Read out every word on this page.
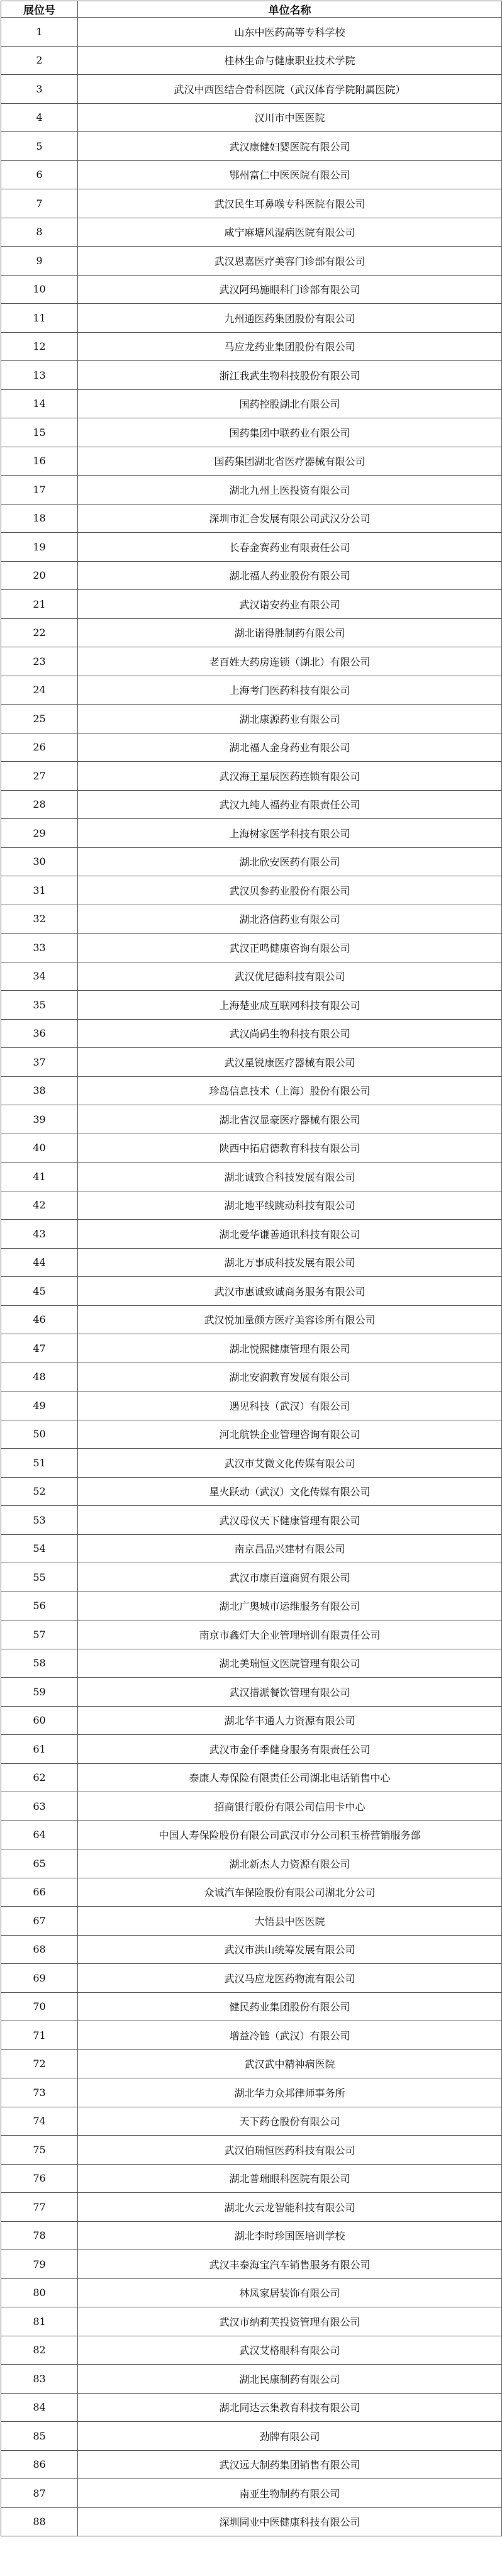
展位号	单位名称
1	山东中医药高等专科学校
2	桂林生命与健康职业技术学院
3	武汉中西医结合骨科医院（武汉体育学院附属医院）
4	汉川市中医医院
5	武汉康健妇婴医院有限公司
6	鄂州富仁中医医院有限公司
7	武汉民生耳鼻喉专科医院有限公司
8	咸宁麻塘风湿病医院有限公司
9	武汉恩嘉医疗美容门诊部有限公司
10	武汉阿玛施眼科门诊部有限公司
11	九州通医药集团股份有限公司
12	马应龙药业集团股份有限公司
13	浙江我武生物科技股份有限公司
14	国药控股湖北有限公司
15	国药集团中联药业有限公司
16	国药集团湖北省医疗器械有限公司
17	湖北九州上医投资有限公司
18	深圳市汇合发展有限公司武汉分公司
19	长春金赛药业有限责任公司
20	湖北福人药业股份有限公司
21	武汉诺安药业有限公司
22	湖北诺得胜制药有限公司
23	老百姓大药房连锁（湖北）有限公司
24	上海考门医药科技有限公司
25	湖北康源药业有限公司
26	湖北福人金身药业有限公司
27	武汉海王星辰医药连锁有限公司
28	武汉九纯人福药业有限责任公司
29	上海树家医学科技有限公司
30	湖北欣安医药有限公司
31	武汉贝参药业股份有限公司
32	湖北洛信药业有限公司
33	武汉正鸣健康咨询有限公司
34	武汉优尼德科技有限公司
35	上海楚业成互联网科技有限公司
36	武汉尚码生物科技有限公司
37	武汉星锐康医疗器械有限公司
38	珍岛信息技术（上海）股份有限公司
39	湖北省汉显豪医疗器械有限公司
40	陕西中拓启德教育科技有限公司
41	湖北诚致合科技发展有限公司
42	湖北地平线跳动科技有限公司
43	湖北爱华谦善通讯科技有限公司
44	湖北万事成科技发展有限公司
45	武汉市惠诚致诚商务服务有限公司
46	武汉悦加量颜方医疗美容诊所有限公司
47	湖北悦熙健康管理有限公司
48	湖北安润教育发展有限公司
49	遇见科技（武汉）有限公司
50	河北航铁企业管理咨询有限公司
51	武汉市艾微文化传媒有限公司
52	星火跃动（武汉）文化传媒有限公司
53	武汉母仪天下健康管理有限公司
54	南京昌晶兴建材有限公司
55	武汉市康百道商贸有限公司
56	湖北广奥城市运维服务有限公司
57	南京市鑫灯大企业管理培训有限责任公司
58	湖北美瑞恒文医院管理有限公司
59	武汉措派餐饮管理有限公司
60	湖北华丰通人力资源有限公司
61	武汉市金仟季健身服务有限责任公司
62	泰康人寿保险有限责任公司湖北电话销售中心
63	招商银行股份有限公司信用卡中心
64	中国人寿保险股份有限公司武汉市分公司积玉桥营销服务部
65	湖北新杰人力资源有限公司
66	众诚汽车保险股份有限公司湖北分公司
67	大悟县中医医院
68	武汉市洪山统筹发展有限公司
69	武汉马应龙医药物流有限公司
70	健民药业集团股份有限公司
71	增益冷链（武汉）有限公司
72	武汉武中精神病医院
73	湖北华力众邦律师事务所
74	天下药仓股份有限公司
75	武汉伯瑞恒医药科技有限公司
76	湖北普瑞眼科医院有限公司
77	湖北火云龙智能科技有限公司
78	湖北李时珍国医培训学校
79	武汉丰泰海宝汽车销售服务有限公司
80	林凤家居装饰有限公司
81	武汉市纳莉芙投资管理有限公司
82	武汉艾格眼科有限公司
83	湖北民康制药有限公司
84	湖北同达云集教育科技有限公司
85	劲牌有限公司
86	武汉远大制药集团销售有限公司
87	南亚生物制药有限公司
88	深圳同业中医健康科技有限公司
